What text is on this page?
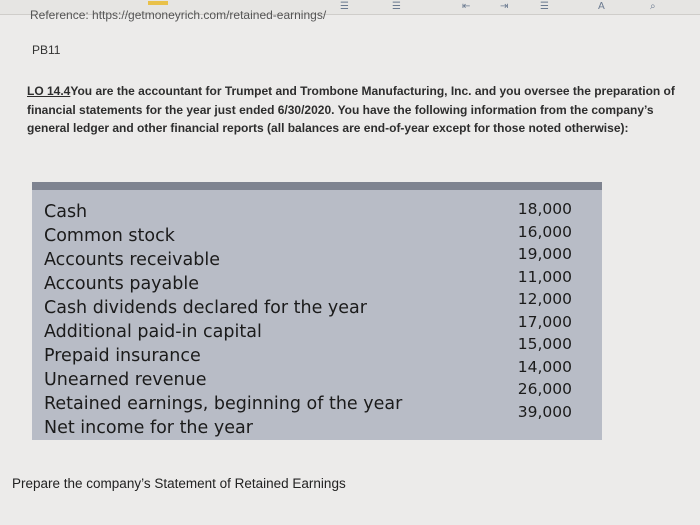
☰	☰	⇤	⇥	☰	A	⌕
Reference: https://getmoneyrich.com/retained-earnings/
PB11
LO 14.4You are the accountant for Trumpet and Trombone Manufacturing, Inc. and you oversee the preparation of financial statements for the year just ended 6/30/2020. You have the following information from the company’s general ledger and other financial reports (all balances are end-of-year except for those noted otherwise):
Cash
Common stock
Accounts receivable
Accounts payable
Cash dividends declared for the year
Additional paid-in capital
Prepaid insurance
Unearned revenue
Retained earnings, beginning of the year
Net income for the year
18,000
16,000
19,000
11,000
12,000
17,000
15,000
14,000
26,000
39,000
Prepare the company’s Statement of Retained Earnings
